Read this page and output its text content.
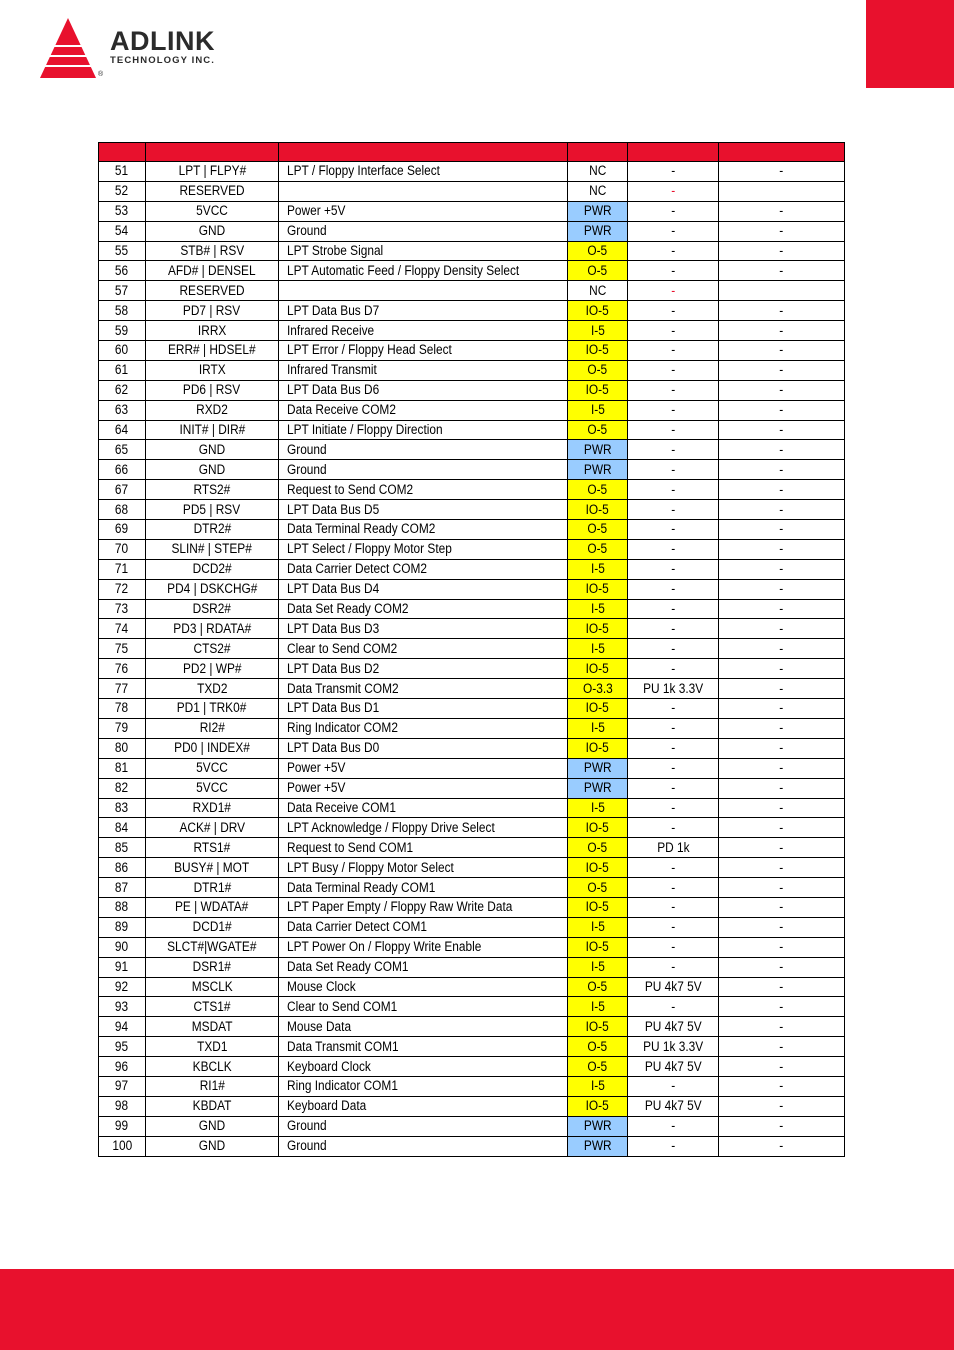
ADLINK
TECHNOLOGY INC.
®

51	LPT | FLPY#	LPT / Floppy Interface Select	NC	-	-
52	RESERVED		NC	-	
53	5VCC	Power +5V	PWR	-	-
54	GND	Ground	PWR	-	-
55	STB# | RSV	LPT Strobe Signal	O-5	-	-
56	AFD# | DENSEL	LPT Automatic Feed / Floppy Density Select	O-5	-	-
57	RESERVED		NC	-	
58	PD7 | RSV	LPT Data Bus D7	IO-5	-	-
59	IRRX	Infrared Receive	I-5	-	-
60	ERR# | HDSEL#	LPT Error / Floppy Head Select	IO-5	-	-
61	IRTX	Infrared Transmit	O-5	-	-
62	PD6 | RSV	LPT Data Bus D6	IO-5	-	-
63	RXD2	Data Receive COM2	I-5	-	-
64	INIT# | DIR#	LPT Initiate / Floppy Direction	O-5	-	-
65	GND	Ground	PWR	-	-
66	GND	Ground	PWR	-	-
67	RTS2#	Request to Send COM2	O-5	-	-
68	PD5 | RSV	LPT Data Bus D5	IO-5	-	-
69	DTR2#	Data Terminal Ready COM2	O-5	-	-
70	SLIN# | STEP#	LPT Select / Floppy Motor Step	O-5	-	-
71	DCD2#	Data Carrier Detect COM2	I-5	-	-
72	PD4 | DSKCHG#	LPT Data Bus D4	IO-5	-	-
73	DSR2#	Data Set Ready COM2	I-5	-	-
74	PD3 | RDATA#	LPT Data Bus D3	IO-5	-	-
75	CTS2#	Clear to Send COM2	I-5	-	-
76	PD2 | WP#	LPT Data Bus D2	IO-5	-	-
77	TXD2	Data Transmit COM2	O-3.3	PU 1k 3.3V	-
78	PD1 | TRK0#	LPT Data Bus D1	IO-5	-	-
79	RI2#	Ring Indicator COM2	I-5	-	-
80	PD0 | INDEX#	LPT Data Bus D0	IO-5	-	-
81	5VCC	Power +5V	PWR	-	-
82	5VCC	Power +5V	PWR	-	-
83	RXD1#	Data Receive COM1	I-5	-	-
84	ACK# | DRV	LPT Acknowledge / Floppy Drive Select	IO-5	-	-
85	RTS1#	Request to Send COM1	O-5	PD 1k	-
86	BUSY# | MOT	LPT Busy / Floppy Motor Select	IO-5	-	-
87	DTR1#	Data Terminal Ready COM1	O-5	-	-
88	PE | WDATA#	LPT Paper Empty / Floppy Raw Write Data	IO-5	-	-
89	DCD1#	Data Carrier Detect COM1	I-5	-	-
90	SLCT#|WGATE#	LPT Power On / Floppy Write Enable	IO-5	-	-
91	DSR1#	Data Set Ready COM1	I-5	-	-
92	MSCLK	Mouse Clock	O-5	PU 4k7 5V	-
93	CTS1#	Clear to Send COM1	I-5	-	-
94	MSDAT	Mouse Data	IO-5	PU 4k7 5V	-
95	TXD1	Data Transmit COM1	O-5	PU 1k 3.3V	-
96	KBCLK	Keyboard Clock	O-5	PU 4k7 5V	-
97	RI1#	Ring Indicator COM1	I-5	-	-
98	KBDAT	Keyboard Data	IO-5	PU 4k7 5V	-
99	GND	Ground	PWR	-	-
100	GND	Ground	PWR	-	-
